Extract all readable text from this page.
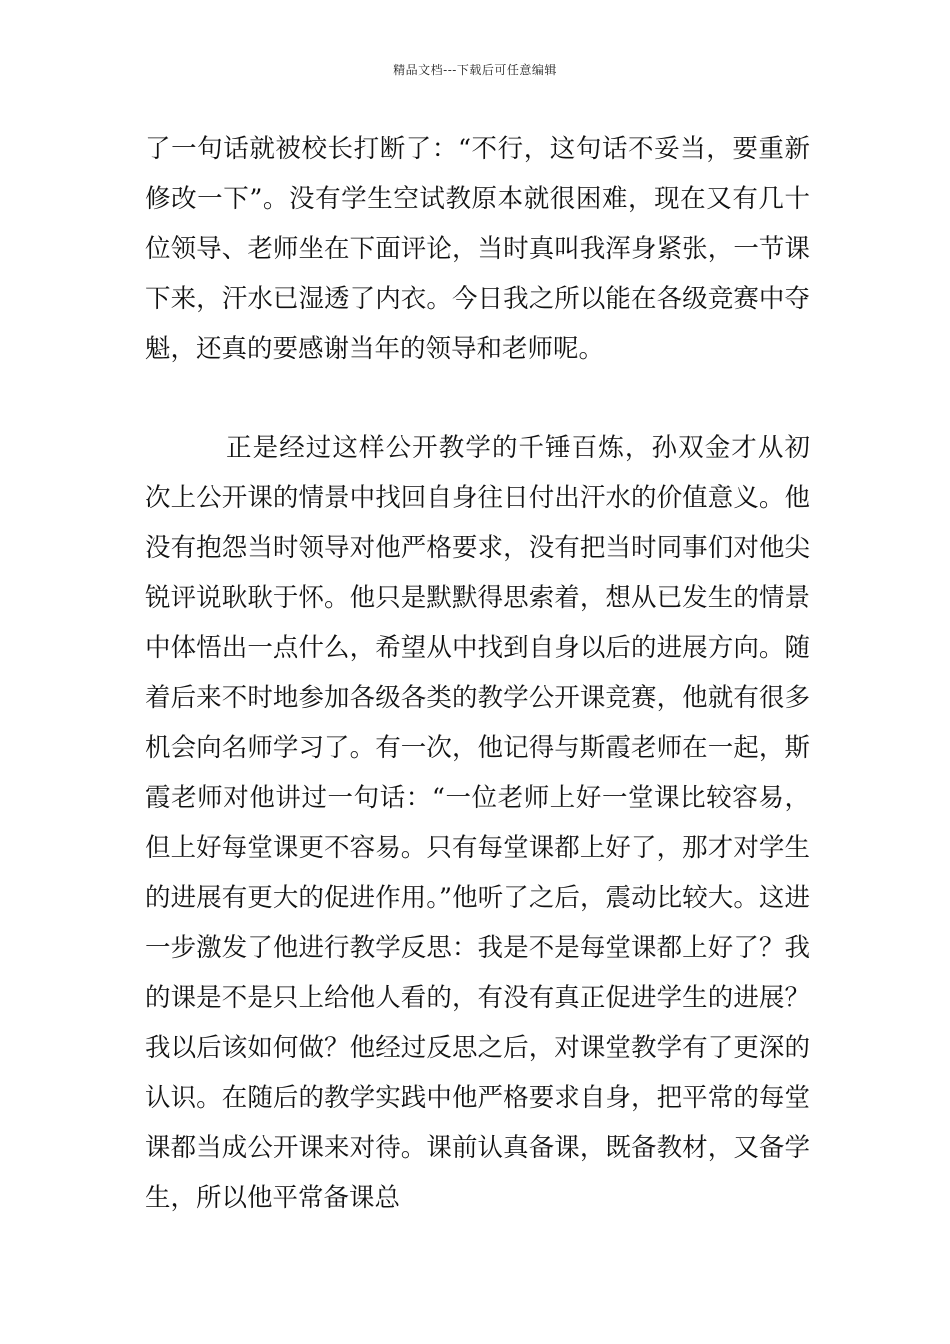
精品文档---下载后可任意编辑

了一句话就被校长打断了：“不行，这句话不妥当，要重新修改一下”。没有学生空试教原本就很困难，现在又有几十位领导、老师坐在下面评论，当时真叫我浑身紧张，一节课下来，汗水已湿透了内衣。今日我之所以能在各级竞赛中夺魁，还真的要感谢当年的领导和老师呢。

正是经过这样公开教学的千锤百炼，孙双金才从初次上公开课的情景中找回自身往日付出汗水的价值意义。他没有抱怨当时领导对他严格要求，没有把当时同事们对他尖锐评说耿耿于怀。他只是默默得思索着，想从已发生的情景中体悟出一点什么，希望从中找到自身以后的进展方向。随着后来不时地参加各级各类的教学公开课竞赛，他就有很多机会向名师学习了。有一次，他记得与斯霞老师在一起，斯霞老师对他讲过一句话：“一位老师上好一堂课比较容易，但上好每堂课更不容易。只有每堂课都上好了，那才对学生的进展有更大的促进作用。”他听了之后，震动比较大。这进一步激发了他进行教学反思：我是不是每堂课都上好了？我的课是不是只上给他人看的，有没有真正促进学生的进展？我以后该如何做？他经过反思之后，对课堂教学有了更深的认识。在随后的教学实践中他严格要求自身，把平常的每堂课都当成公开课来对待。课前认真备课，既备教材，又备学生，所以他平常备课总
